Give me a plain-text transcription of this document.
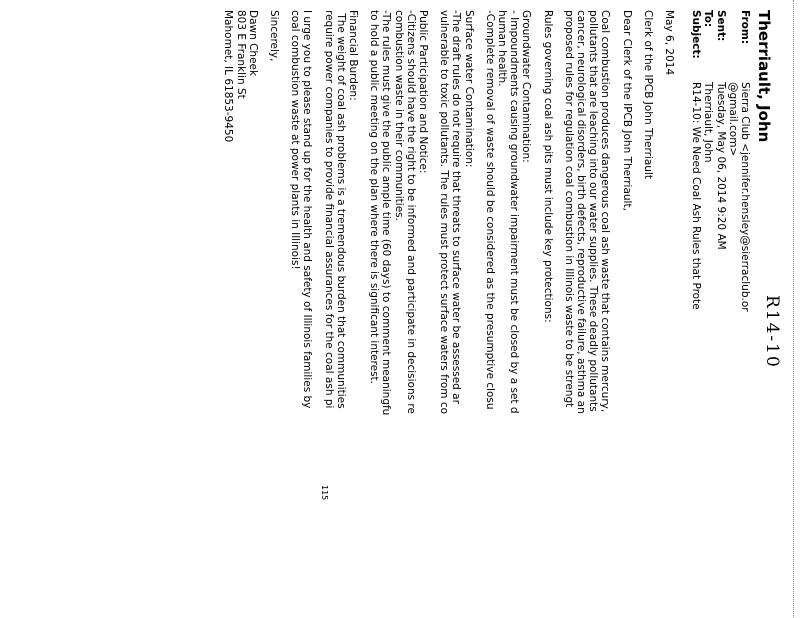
R14-10
Therriault, John
From:
Sierra Club <jennifer.hensley@sierraclub.or
@gmail.com>
Sent:
Tuesday, May 06, 2014 9:20 AM
To:
Therriault, John
Subject:
R14-10: We Need Coal Ash Rules that Prote

May 6, 2014

Clerk of the IPCB John Therriault

Dear Clerk of the IPCB John Therriault,

Coal combustion produces dangerous coal ash waste that contains mercury,
pollutants that are leaching into our water supplies. These deadly pollutants
cancer, neurological disorders, birth defects, reproductive failure, asthma an
proposed rules for regulation coal combustion in Illinois waste to be strengt

Rules governing coal ash pits must include key protections:

Groundwater Contamination:
- Impoundments causing groundwater impairment must be closed by a set d
human health.
-Complete removal of waste should be considered as the presumptive closu

Surface water Contamination:
-The draft rules do not require that threats to surface water be assessed ar
vulnerable to toxic pollutants. The rules must protect surface waters from co

Public Participation and Notice:
-Citizens should have the right to be informed and participate in decisions re
combustion waste in their communities.
-The rules must give the public ample time (60 days) to comment meaningfu
to hold a public meeting on the plan where there is significant interest.

Financial Burden:
The weight of coal ash problems is a tremendous burden that communities
require power companies to provide financial assurances for the coal ash pi

I urge you to please stand up for the health and safety of Illinois families by
coal combustion waste at power plants in Illinois!

Sincerely,

Dawn Cheek
803 E Franklin St
Mahomet, IL 61853-9450

115
